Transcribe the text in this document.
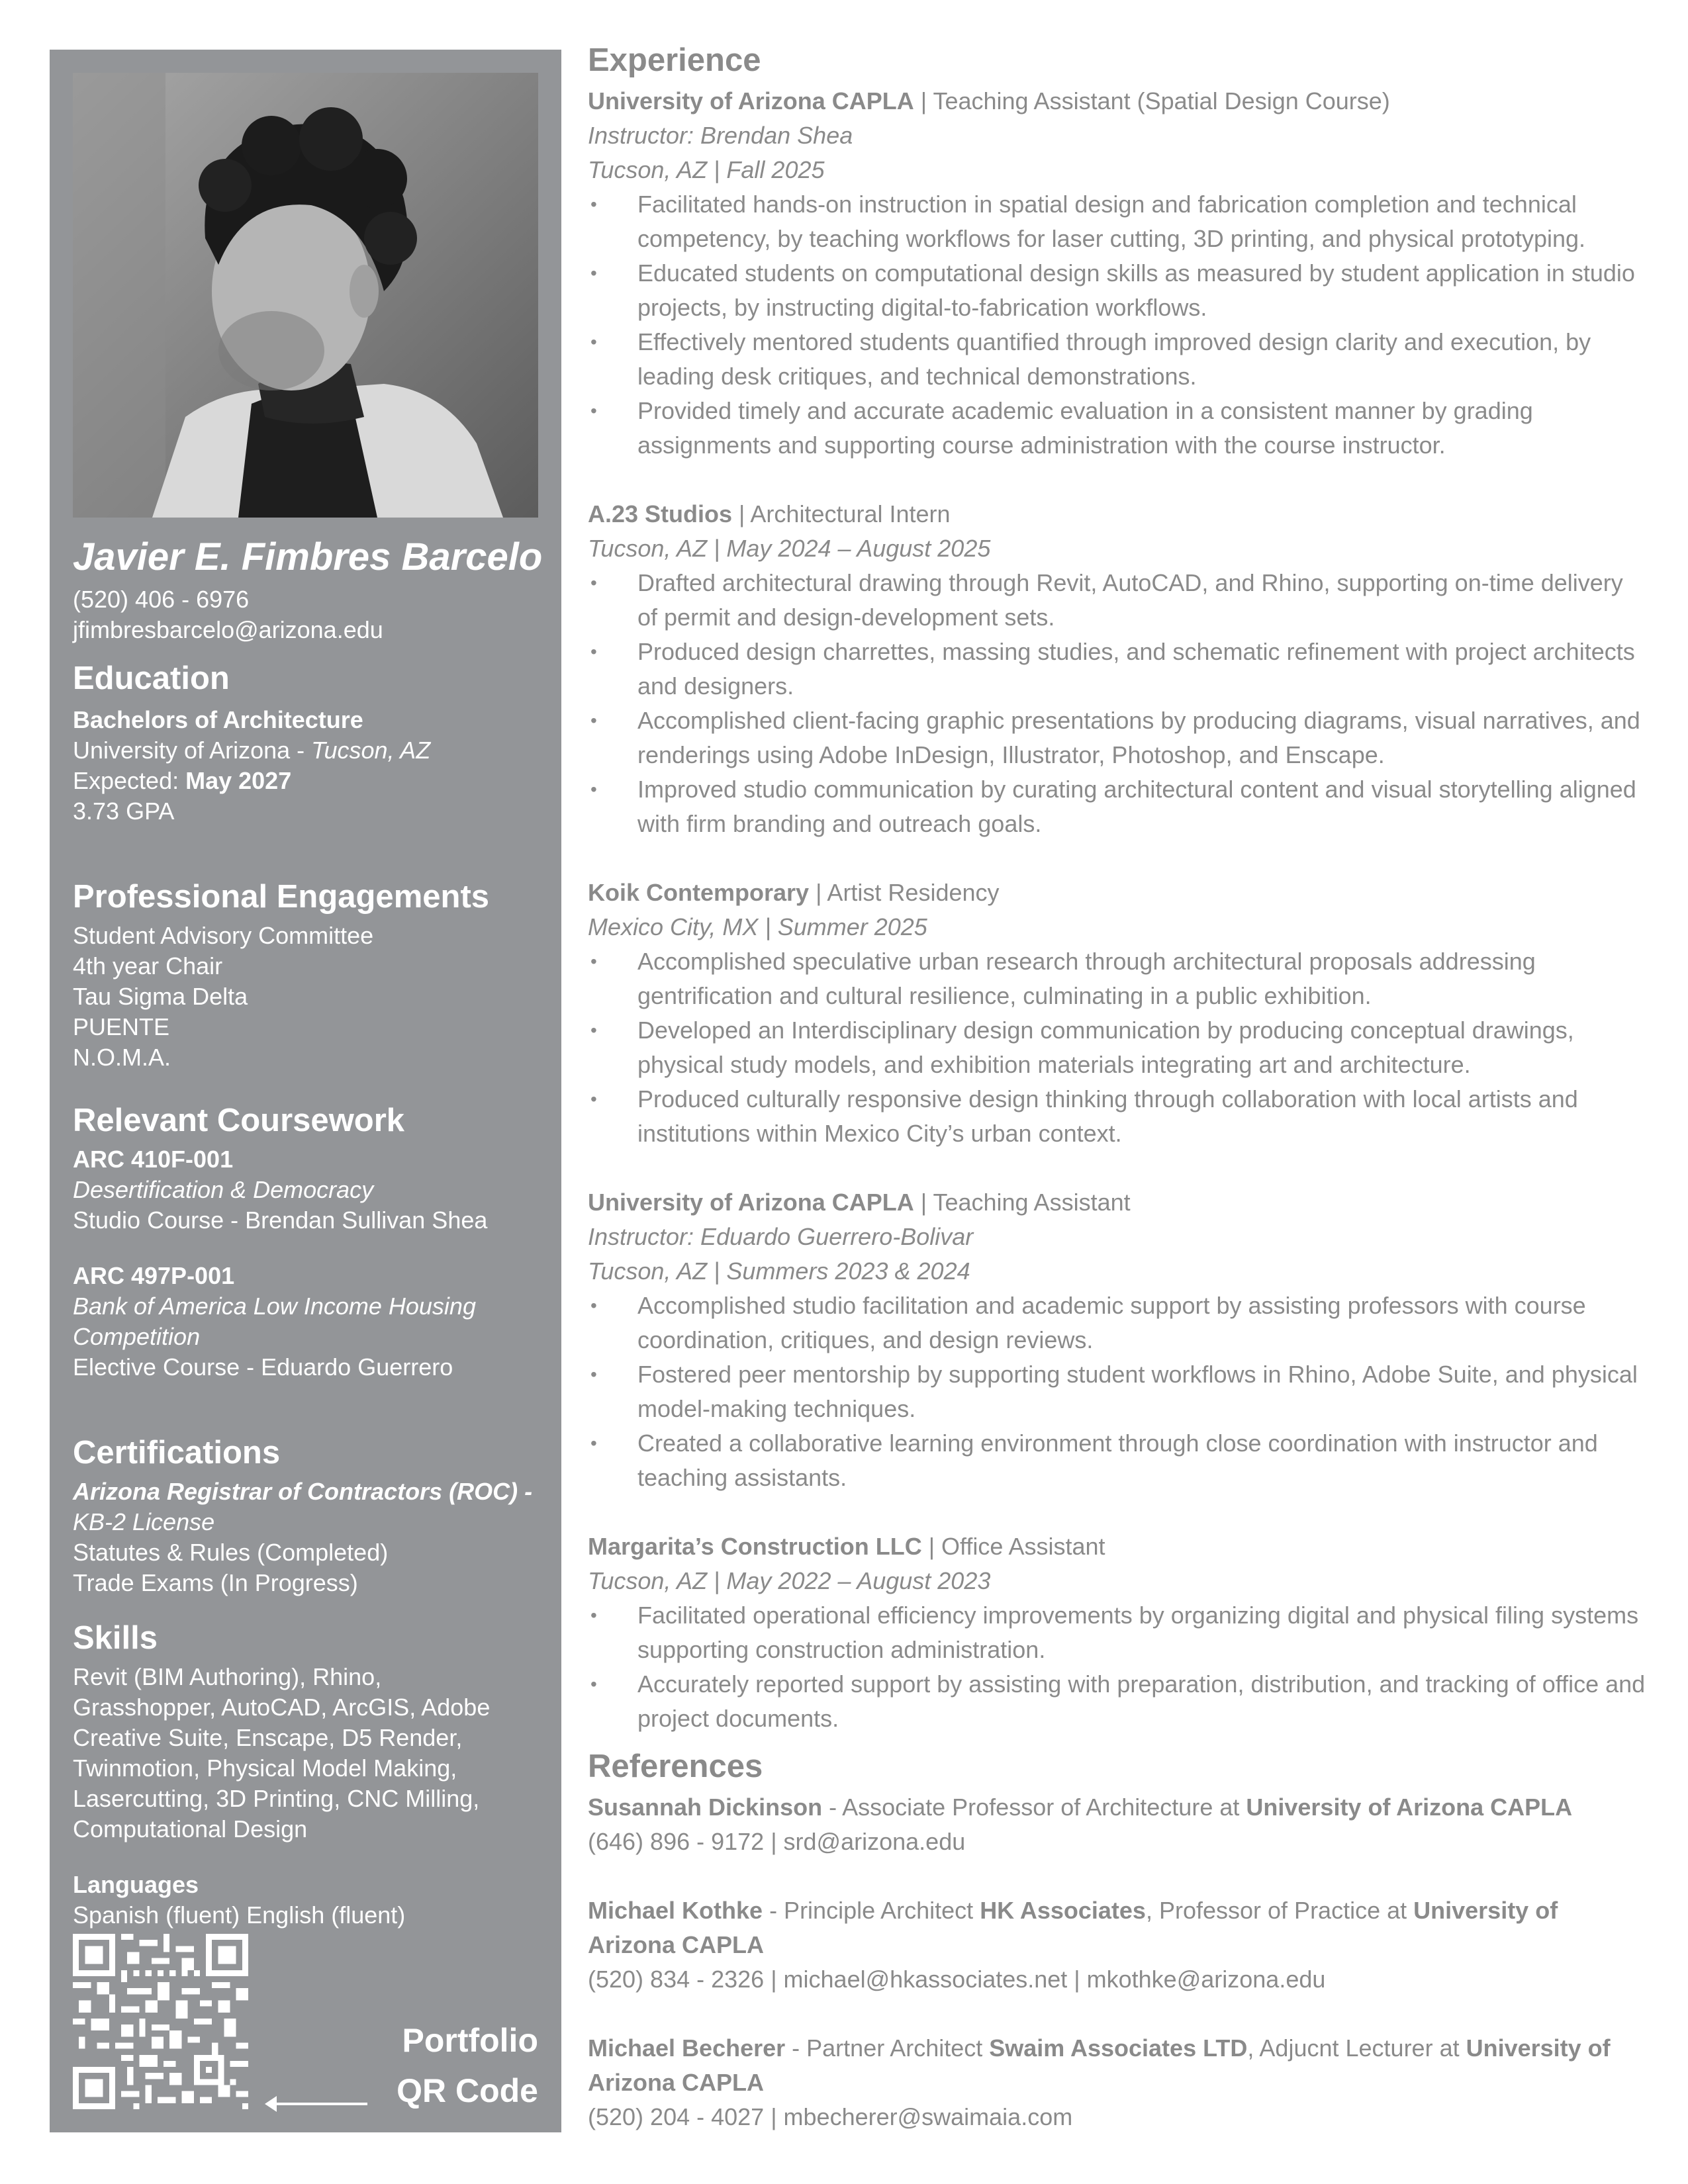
Javier E. Fimbres Barcelo
(520) 406 - 6976
jfimbresbarcelo@arizona.edu
Education
Bachelors of Architecture
University of Arizona - Tucson, AZ
Expected: May 2027
3.73 GPA
Professional Engagements
Student Advisory Committee
4th year Chair
Tau Sigma Delta
PUENTE
N.O.M.A.
Relevant Coursework
ARC 410F-001
Desertification & Democracy
Studio Course - Brendan Sullivan Shea
ARC 497P-001
Bank of America Low Income Housing Competition
Elective Course - Eduardo Guerrero
Certifications
Arizona Registrar of Contractors (ROC) - KB-2 License
Statutes & Rules (Completed)
Trade Exams (In Progress)
Skills
Revit (BIM Authoring), Rhino, Grasshopper, AutoCAD, ArcGIS, Adobe Creative Suite, Enscape, D5 Render, Twinmotion, Physical Model Making, Lasercutting, 3D Printing, CNC Milling, Computational Design
Languages
Spanish (fluent) English (fluent)
Portfolio
QR Code
Experience
University of Arizona CAPLA | Teaching Assistant (Spatial Design Course)
Instructor: Brendan Shea
Tucson, AZ | Fall 2025
• Facilitated hands-on instruction in spatial design and fabrication completion and technical competency, by teaching workflows for laser cutting, 3D printing, and physical prototyping.
• Educated students on computational design skills as measured by student application in studio projects, by instructing digital-to-fabrication workflows.
• Effectively mentored students quantified through improved design clarity and execution, by leading desk critiques, and technical demonstrations.
• Provided timely and accurate academic evaluation in a consistent manner by grading assignments and supporting course administration with the course instructor.
A.23 Studios | Architectural Intern
Tucson, AZ | May 2024 – August 2025
• Drafted architectural drawing through Revit, AutoCAD, and Rhino, supporting on-time delivery of permit and design-development sets.
• Produced design charrettes, massing studies, and schematic refinement with project architects and designers.
• Accomplished client-facing graphic presentations by producing diagrams, visual narratives, and renderings using Adobe InDesign, Illustrator, Photoshop, and Enscape.
• Improved studio communication by curating architectural content and visual storytelling aligned with firm branding and outreach goals.
Koik Contemporary | Artist Residency
Mexico City, MX | Summer 2025
• Accomplished speculative urban research through architectural proposals addressing gentrification and cultural resilience, culminating in a public exhibition.
• Developed an Interdisciplinary design communication by producing conceptual drawings, physical study models, and exhibition materials integrating art and architecture.
• Produced culturally responsive design thinking through collaboration with local artists and institutions within Mexico City’s urban context.
University of Arizona CAPLA | Teaching Assistant
Instructor: Eduardo Guerrero-Bolivar
Tucson, AZ | Summers 2023 & 2024
• Accomplished studio facilitation and academic support by assisting professors with course coordination, critiques, and design reviews.
• Fostered peer mentorship by supporting student workflows in Rhino, Adobe Suite, and physical model-making techniques.
• Created a collaborative learning environment through close coordination with instructor and teaching assistants.
Margarita’s Construction LLC | Office Assistant
Tucson, AZ | May 2022 – August 2023
• Facilitated operational efficiency improvements by organizing digital and physical filing systems supporting construction administration.
• Accurately reported support by assisting with preparation, distribution, and tracking of office and project documents.
References
Susannah Dickinson - Associate Professor of Architecture at University of Arizona CAPLA
(646) 896 - 9172 | srd@arizona.edu
Michael Kothke - Principle Architect HK Associates, Professor of Practice at University of Arizona CAPLA
(520) 834 - 2326 | michael@hkassociates.net | mkothke@arizona.edu
Michael Becherer - Partner Architect Swaim Associates LTD, Adjucnt Lecturer at University of Arizona CAPLA
(520) 204 - 4027 | mbecherer@swaimaia.com
